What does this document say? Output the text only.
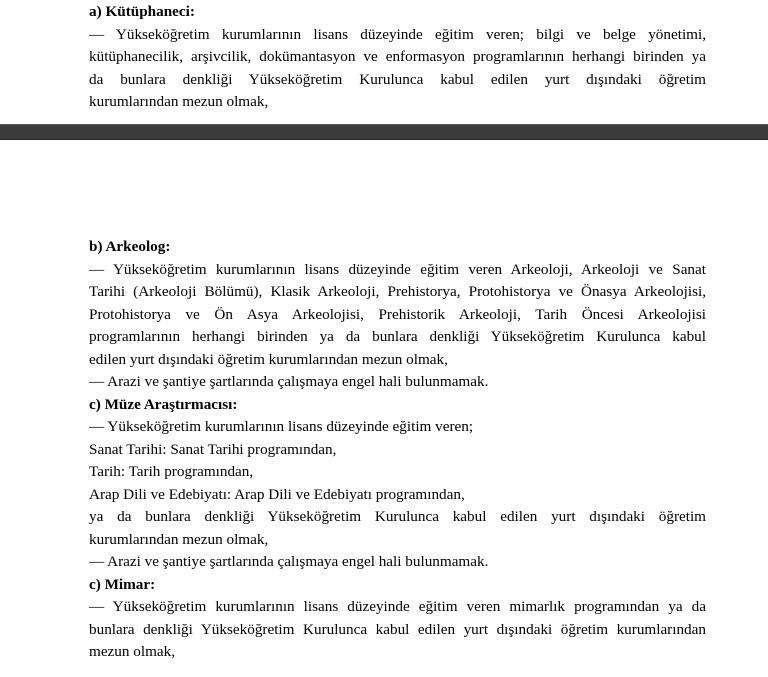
a) Kütüphaneci:

— Yükseköğretim kurumlarının lisans düzeyinde eğitim veren; bilgi ve belge yönetimi,

kütüphanecilik, arşivcilik, dokümantasyon ve enformasyon programlarının herhangi birinden ya

da bunlara denkliği Yükseköğretim Kurulunca kabul edilen yurt dışındaki öğretim

kurumlarından mezun olmak,

b) Arkeolog:

— Yükseköğretim kurumlarının lisans düzeyinde eğitim veren Arkeoloji, Arkeoloji ve Sanat

Tarihi (Arkeoloji Bölümü), Klasik Arkeoloji, Prehistorya, Protohistorya ve Önasya Arkeolojisi,

Protohistorya ve Ön Asya Arkeolojisi, Prehistorik Arkeoloji, Tarih Öncesi Arkeolojisi

programlarının herhangi birinden ya da bunlara denkliği Yükseköğretim Kurulunca kabul

edilen yurt dışındaki öğretim kurumlarından mezun olmak,

— Arazi ve şantiye şartlarında çalışmaya engel hali bulunmamak.

c) Müze Araştırmacısı:

— Yükseköğretim kurumlarının lisans düzeyinde eğitim veren;

Sanat Tarihi: Sanat Tarihi programından,

Tarih: Tarih programından,

Arap Dili ve Edebiyatı: Arap Dili ve Edebiyatı programından,

ya da bunlara denkliği Yükseköğretim Kurulunca kabul edilen yurt dışındaki öğretim

kurumlarından mezun olmak,

— Arazi ve şantiye şartlarında çalışmaya engel hali bulunmamak.

c) Mimar:

— Yükseköğretim kurumlarının lisans düzeyinde eğitim veren mimarlık programından ya da

bunlara denkliği Yükseköğretim Kurulunca kabul edilen yurt dışındaki öğretim kurumlarından

mezun olmak,
